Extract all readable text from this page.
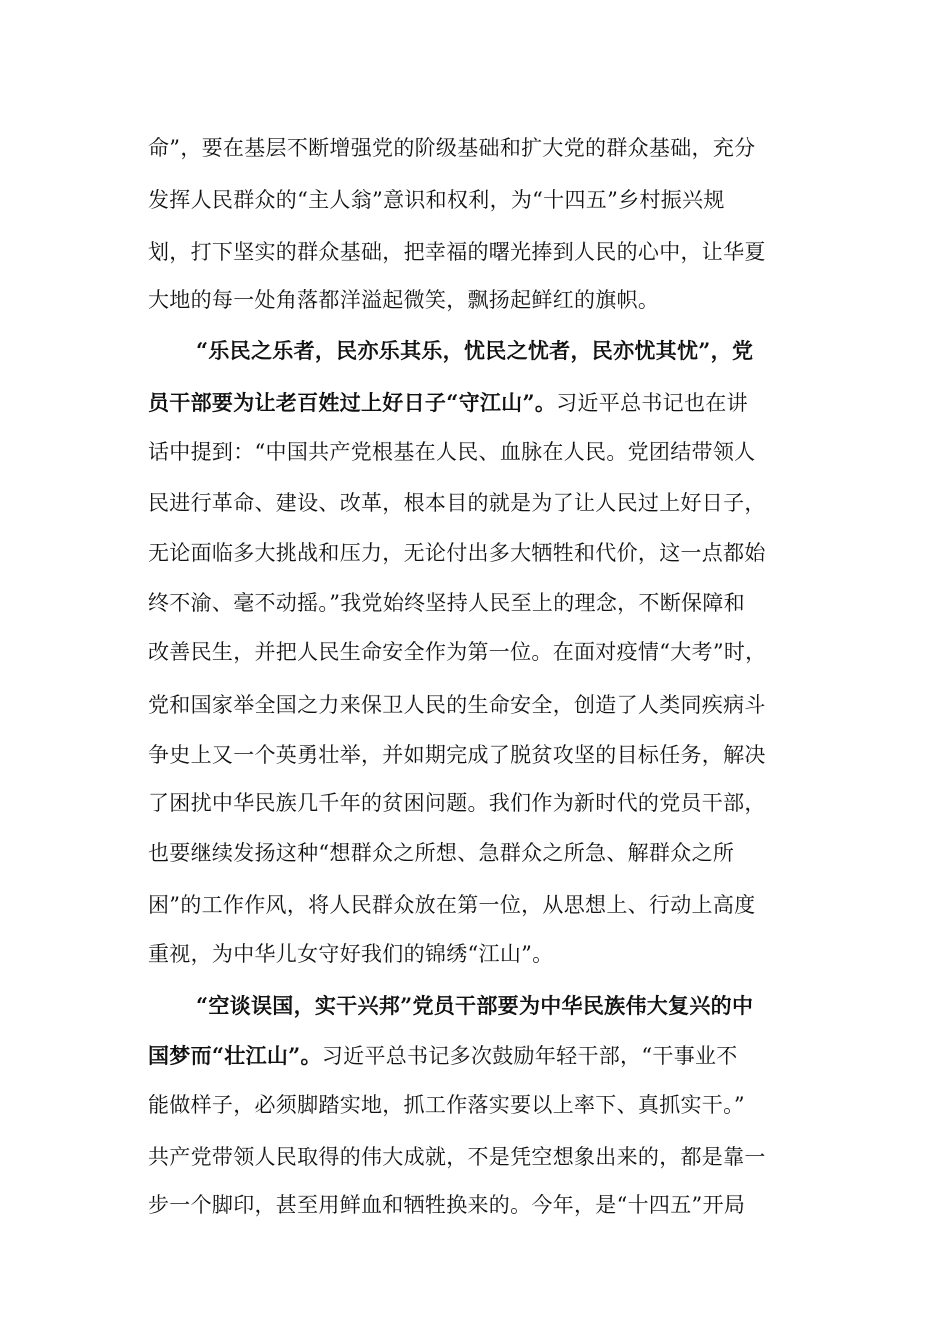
命”，要在基层不断增强党的阶级基础和扩大党的群众基础，充分
发挥人民群众的“主人翁”意识和权利，为“十四五”乡村振兴规
划，打下坚实的群众基础，把幸福的曙光捧到人民的心中，让华夏
大地的每一处角落都洋溢起微笑，飘扬起鲜红的旗帜。
“乐民之乐者，民亦乐其乐，忧民之忧者，民亦忧其忧”，党
员干部要为让老百姓过上好日子“守江山”。习近平总书记也在讲
话中提到：“中国共产党根基在人民、血脉在人民。党团结带领人
民进行革命、建设、改革，根本目的就是为了让人民过上好日子，
无论面临多大挑战和压力，无论付出多大牺牲和代价，这一点都始
终不渝、毫不动摇。”我党始终坚持人民至上的理念，不断保障和
改善民生，并把人民生命安全作为第一位。在面对疫情“大考”时，
党和国家举全国之力来保卫人民的生命安全，创造了人类同疾病斗
争史上又一个英勇壮举，并如期完成了脱贫攻坚的目标任务，解决
了困扰中华民族几千年的贫困问题。我们作为新时代的党员干部，
也要继续发扬这种“想群众之所想、急群众之所急、解群众之所
困”的工作作风，将人民群众放在第一位，从思想上、行动上高度
重视，为中华儿女守好我们的锦绣“江山”。
“空谈误国，实干兴邦”党员干部要为中华民族伟大复兴的中
国梦而“壮江山”。习近平总书记多次鼓励年轻干部，“干事业不
能做样子，必须脚踏实地，抓工作落实要以上率下、真抓实干。”
共产党带领人民取得的伟大成就，不是凭空想象出来的，都是靠一
步一个脚印，甚至用鲜血和牺牲换来的。今年，是“十四五”开局
